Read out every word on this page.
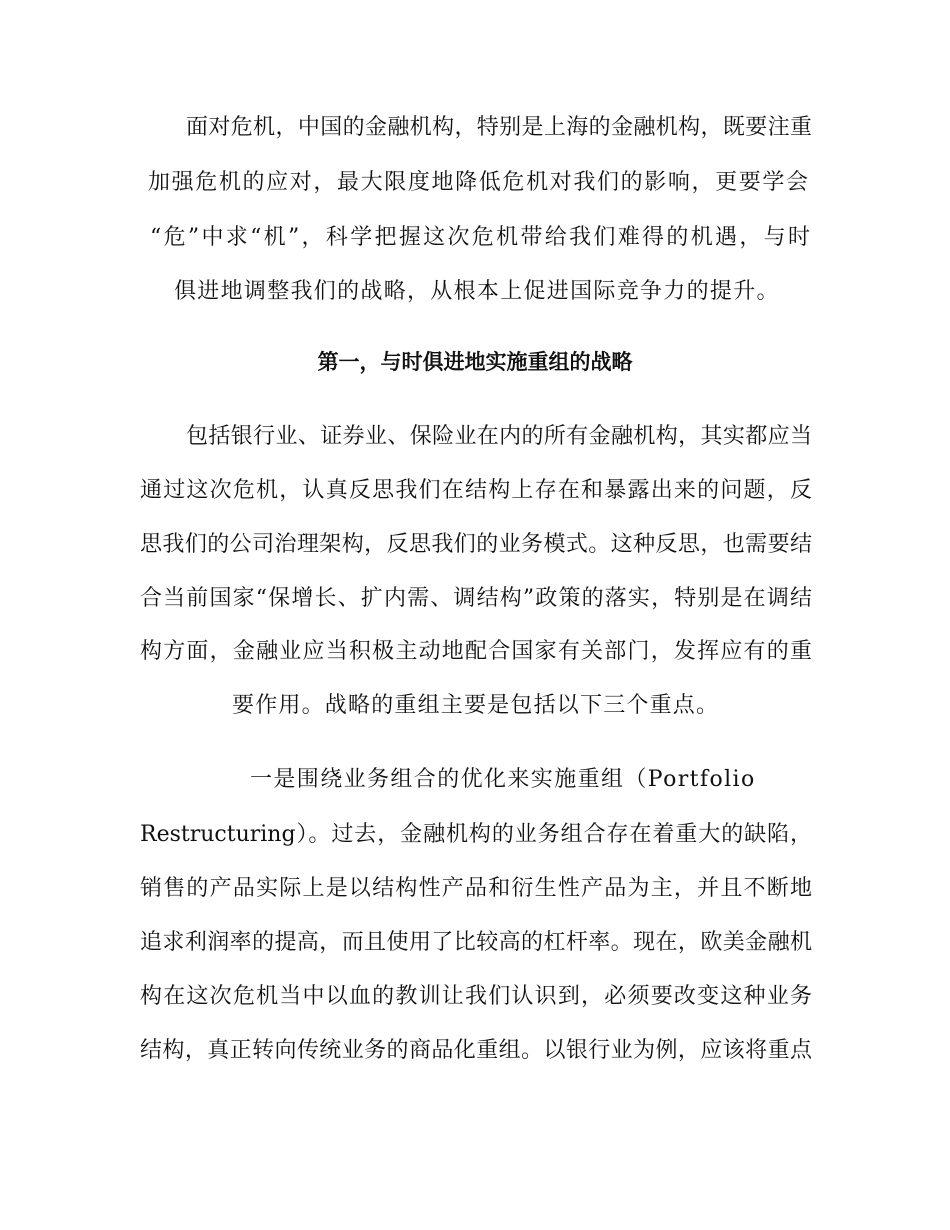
面对危机，中国的金融机构，特别是上海的金融机构，既要注重
加强危机的应对，最大限度地降低危机对我们的影响，更要学会
“危”中求“机”，科学把握这次危机带给我们难得的机遇，与时
俱进地调整我们的战略，从根本上促进国际竞争力的提升。
第一，与时俱进地实施重组的战略
包括银行业、证券业、保险业在内的所有金融机构，其实都应当
通过这次危机，认真反思我们在结构上存在和暴露出来的问题，反
思我们的公司治理架构，反思我们的业务模式。这种反思，也需要结
合当前国家“保增长、扩内需、调结构”政策的落实，特别是在调结
构方面，金融业应当积极主动地配合国家有关部门，发挥应有的重
要作用。战略的重组主要是包括以下三个重点。
一是围绕业务组合的优化来实施重组（Portfolio
Restructuring）。过去，金融机构的业务组合存在着重大的缺陷，
销售的产品实际上是以结构性产品和衍生性产品为主，并且不断地
追求利润率的提高，而且使用了比较高的杠杆率。现在，欧美金融机
构在这次危机当中以血的教训让我们认识到，必须要改变这种业务
结构，真正转向传统业务的商品化重组。以银行业为例，应该将重点
